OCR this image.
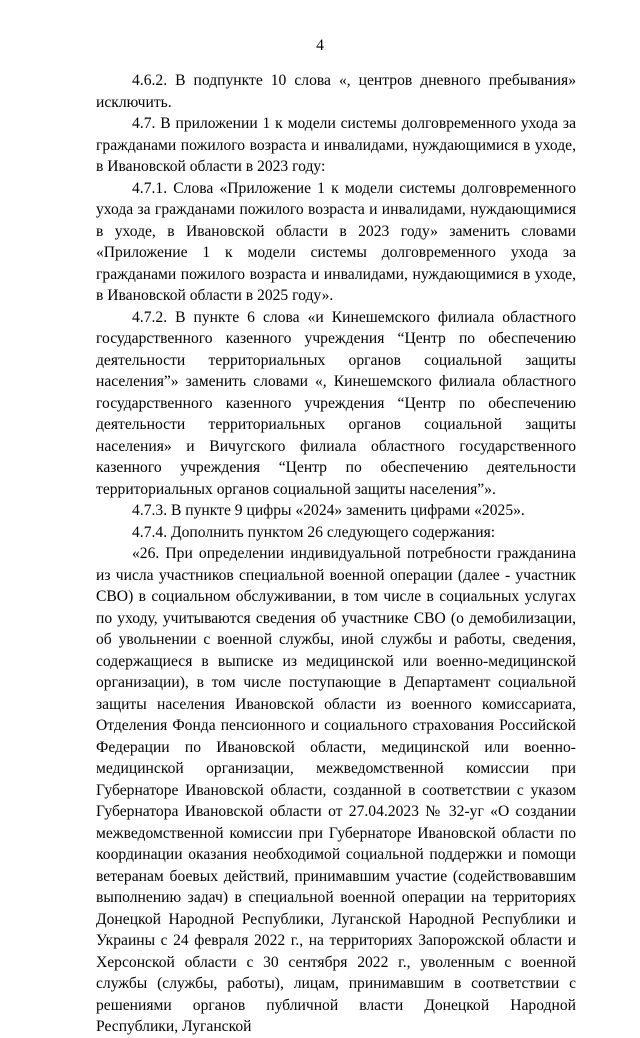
4

4.6.2. В подпункте 10 слова «, центров дневного пребывания» исключить.

4.7. В приложении 1 к модели системы долговременного ухода за гражданами пожилого возраста и инвалидами, нуждающимися в уходе, в Ивановской области в 2023 году:

4.7.1. Слова «Приложение 1 к модели системы долговременного ухода за гражданами пожилого возраста и инвалидами, нуждающимися в уходе, в Ивановской области в 2023 году» заменить словами «Приложение 1 к модели системы долговременного ухода за гражданами пожилого возраста и инвалидами, нуждающимися в уходе, в Ивановской области в 2025 году».

4.7.2. В пункте 6 слова «и Кинешемского филиала областного государственного казенного учреждения “Центр по обеспечению деятельности территориальных органов социальной защиты населения”» заменить словами «, Кинешемского филиала областного государственного казенного учреждения “Центр по обеспечению деятельности территориальных органов социальной защиты населения» и Вичугского филиала областного государственного казенного учреждения “Центр по обеспечению деятельности территориальных органов социальной защиты населения”».

4.7.3. В пункте 9 цифры «2024» заменить цифрами «2025».

4.7.4. Дополнить пунктом 26 следующего содержания:

«26. При определении индивидуальной потребности гражданина из числа участников специальной военной операции (далее - участник СВО) в социальном обслуживании, в том числе в социальных услугах по уходу, учитываются сведения об участнике СВО (о демобилизации, об увольнении с военной службы, иной службы и работы, сведения, содержащиеся в выписке из медицинской или военно-медицинской организации), в том числе поступающие в Департамент социальной защиты населения Ивановской области из военного комиссариата, Отделения Фонда пенсионного и социального страхования Российской Федерации по Ивановской области, медицинской или военно-медицинской организации, межведомственной комиссии при Губернаторе Ивановской области, созданной в соответствии с указом Губернатора Ивановской области от 27.04.2023 № 32-уг «О создании межведомственной комиссии при Губернаторе Ивановской области по координации оказания необходимой социальной поддержки и помощи ветеранам боевых действий, принимавшим участие (содействовавшим выполнению задач) в специальной военной операции на территориях Донецкой Народной Республики, Луганской Народной Республики и Украины с 24 февраля 2022 г., на территориях Запорожской области и Херсонской области с 30 сентября 2022 г., уволенным с военной службы (службы, работы), лицам, принимавшим в соответствии с решениями органов публичной власти Донецкой Народной Республики, Луганской
